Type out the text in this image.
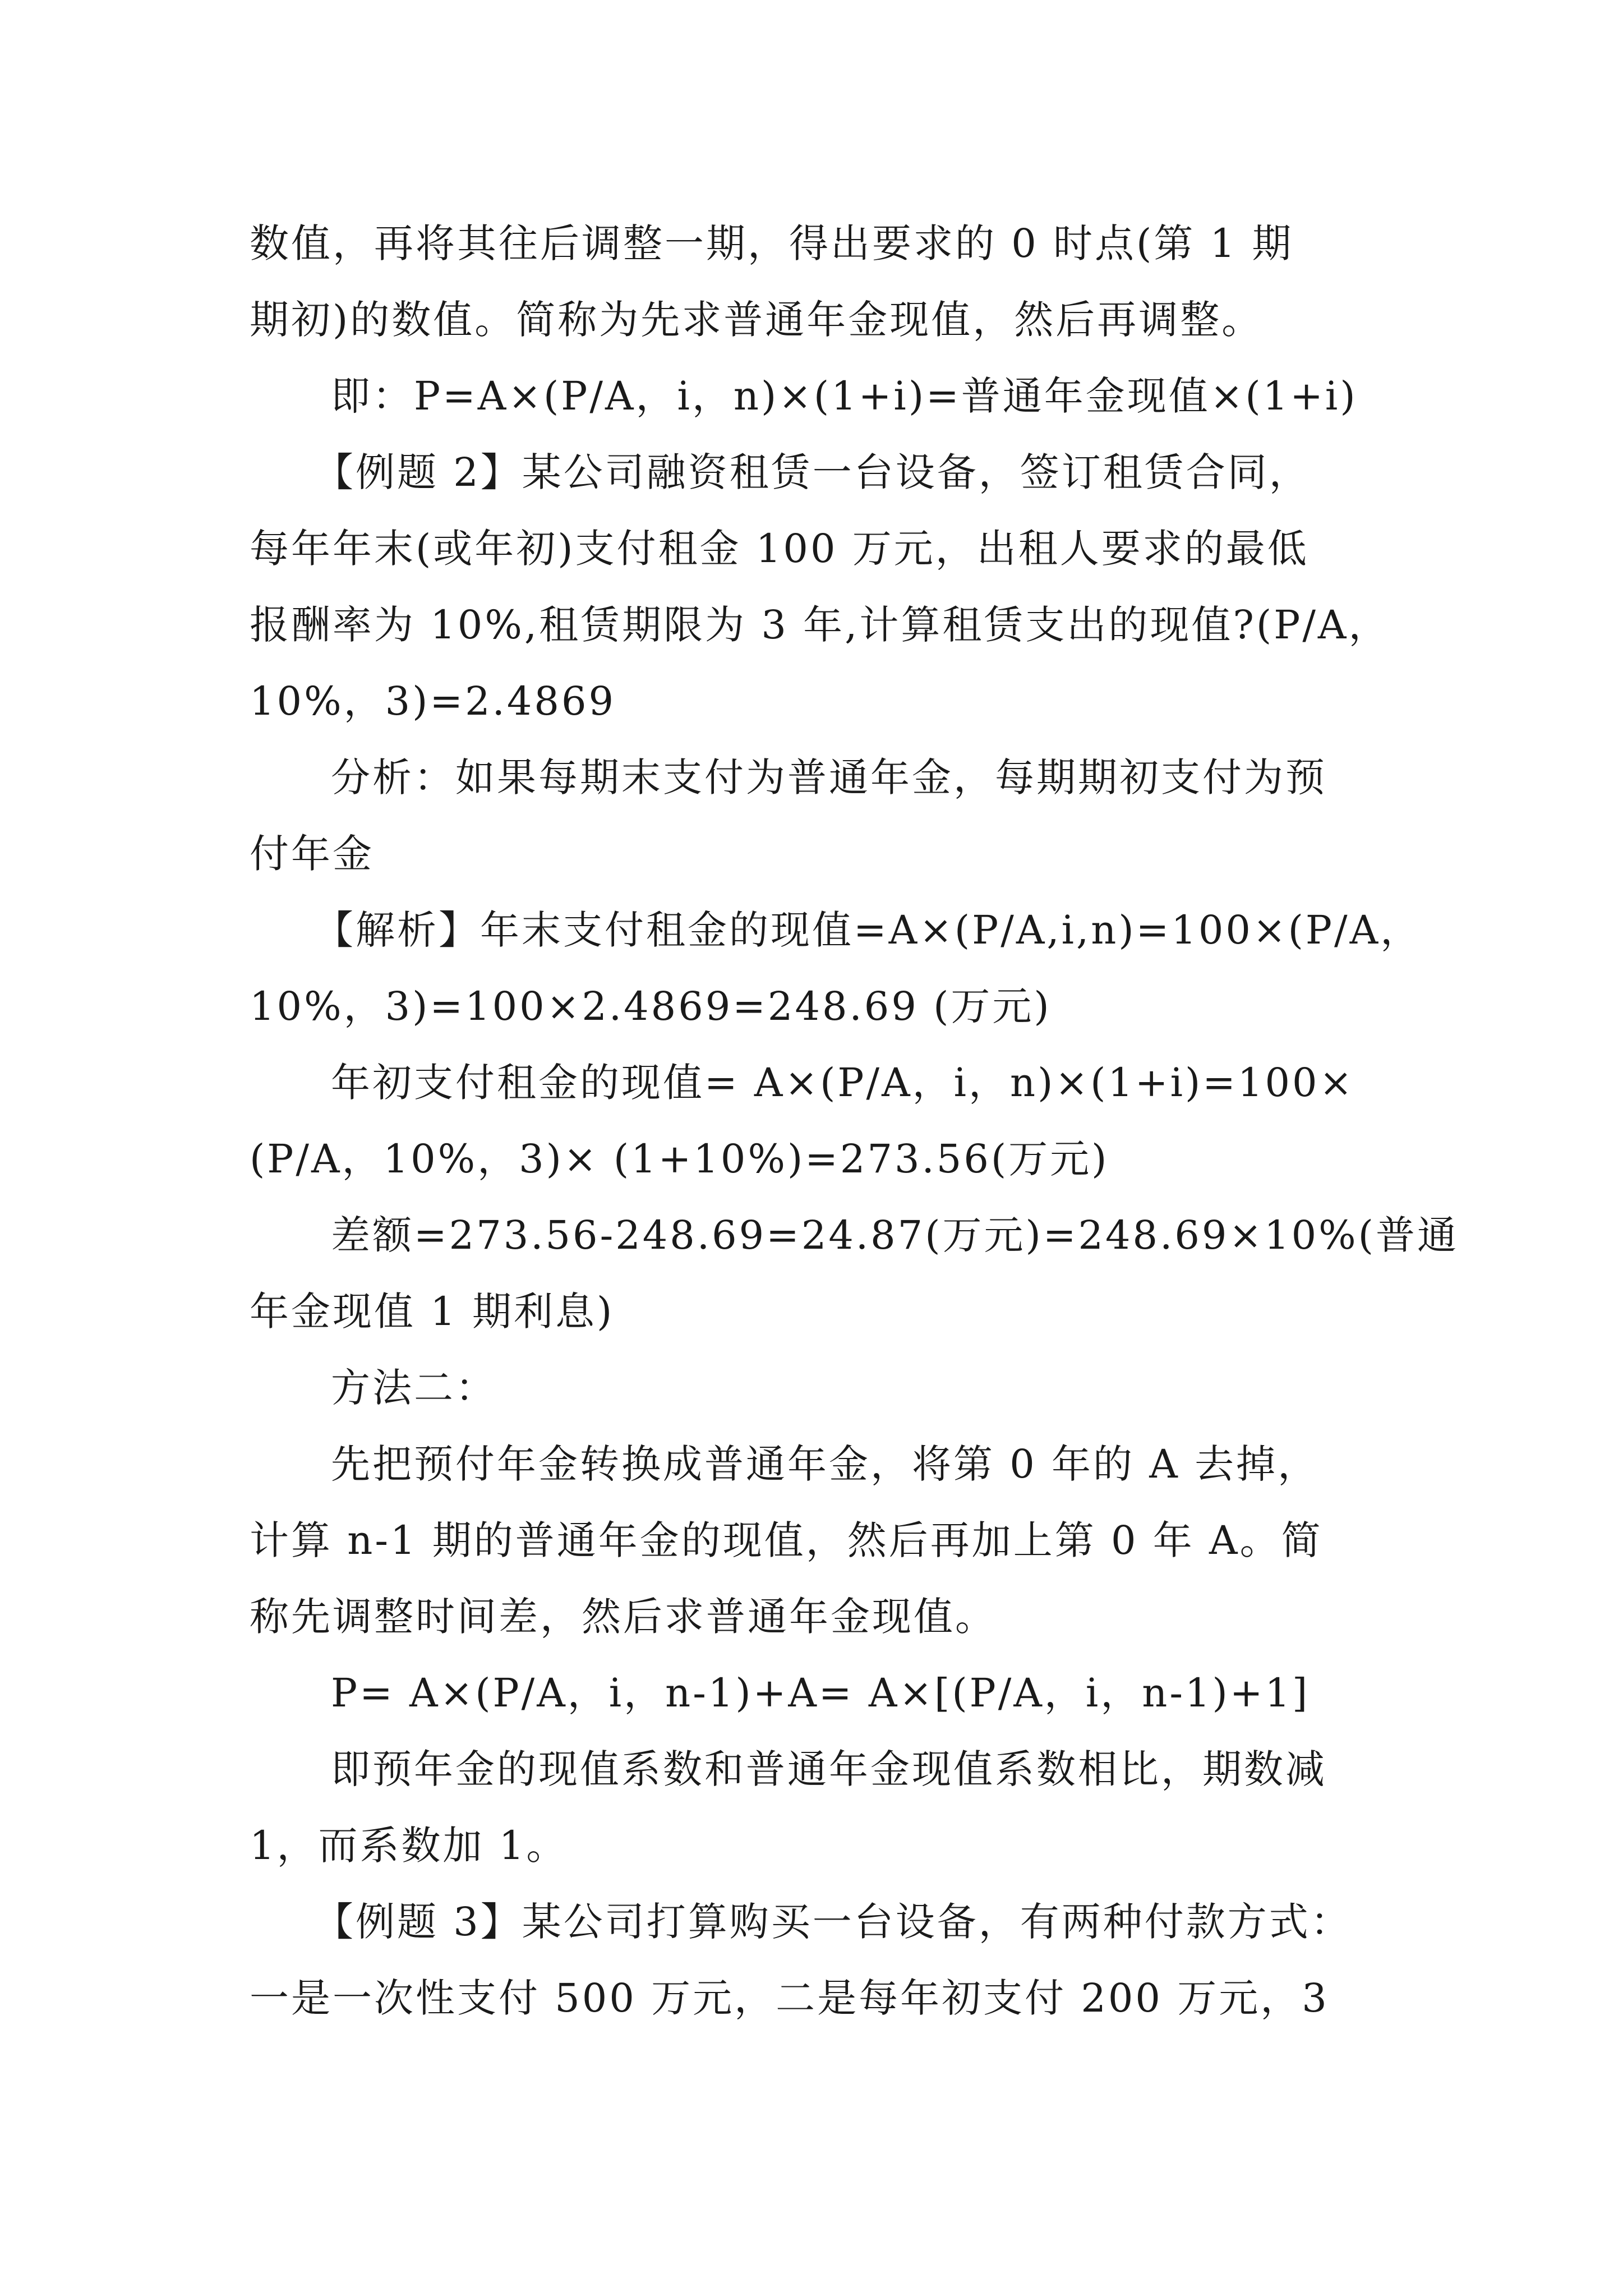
数值，再将其往后调整一期，得出要求的 0 时点(第 1 期
期初)的数值。简称为先求普通年金现值，然后再调整。
即：P=A×(P/A，i，n)×(1+i)=普通年金现值×(1+i)
【例题 2】某公司融资租赁一台设备，签订租赁合同，
每年年末(或年初)支付租金 100 万元，出租人要求的最低
报酬率为 10%,租赁期限为 3 年,计算租赁支出的现值?(P/A，
10%，3)=2.4869
分析：如果每期末支付为普通年金，每期期初支付为预
付年金
【解析】年末支付租金的现值=A×(P/A,i,n)=100×(P/A，
10%，3)=100×2.4869=248.69 (万元)
年初支付租金的现值= A×(P/A，i，n)×(1+i)=100×
(P/A，10%，3)× (1+10%)=273.56(万元)
差额=273.56-248.69=24.87(万元)=248.69×10%(普通
年金现值 1 期利息)
方法二：
先把预付年金转换成普通年金，将第 0 年的 A 去掉，
计算 n-1 期的普通年金的现值，然后再加上第 0 年 A。简
称先调整时间差，然后求普通年金现值。
P= A×(P/A，i，n-1)+A= A×[(P/A，i，n-1)+1]
即预年金的现值系数和普通年金现值系数相比，期数减
1，而系数加 1。
【例题 3】某公司打算购买一台设备，有两种付款方式：
一是一次性支付 500 万元，二是每年初支付 200 万元，3
